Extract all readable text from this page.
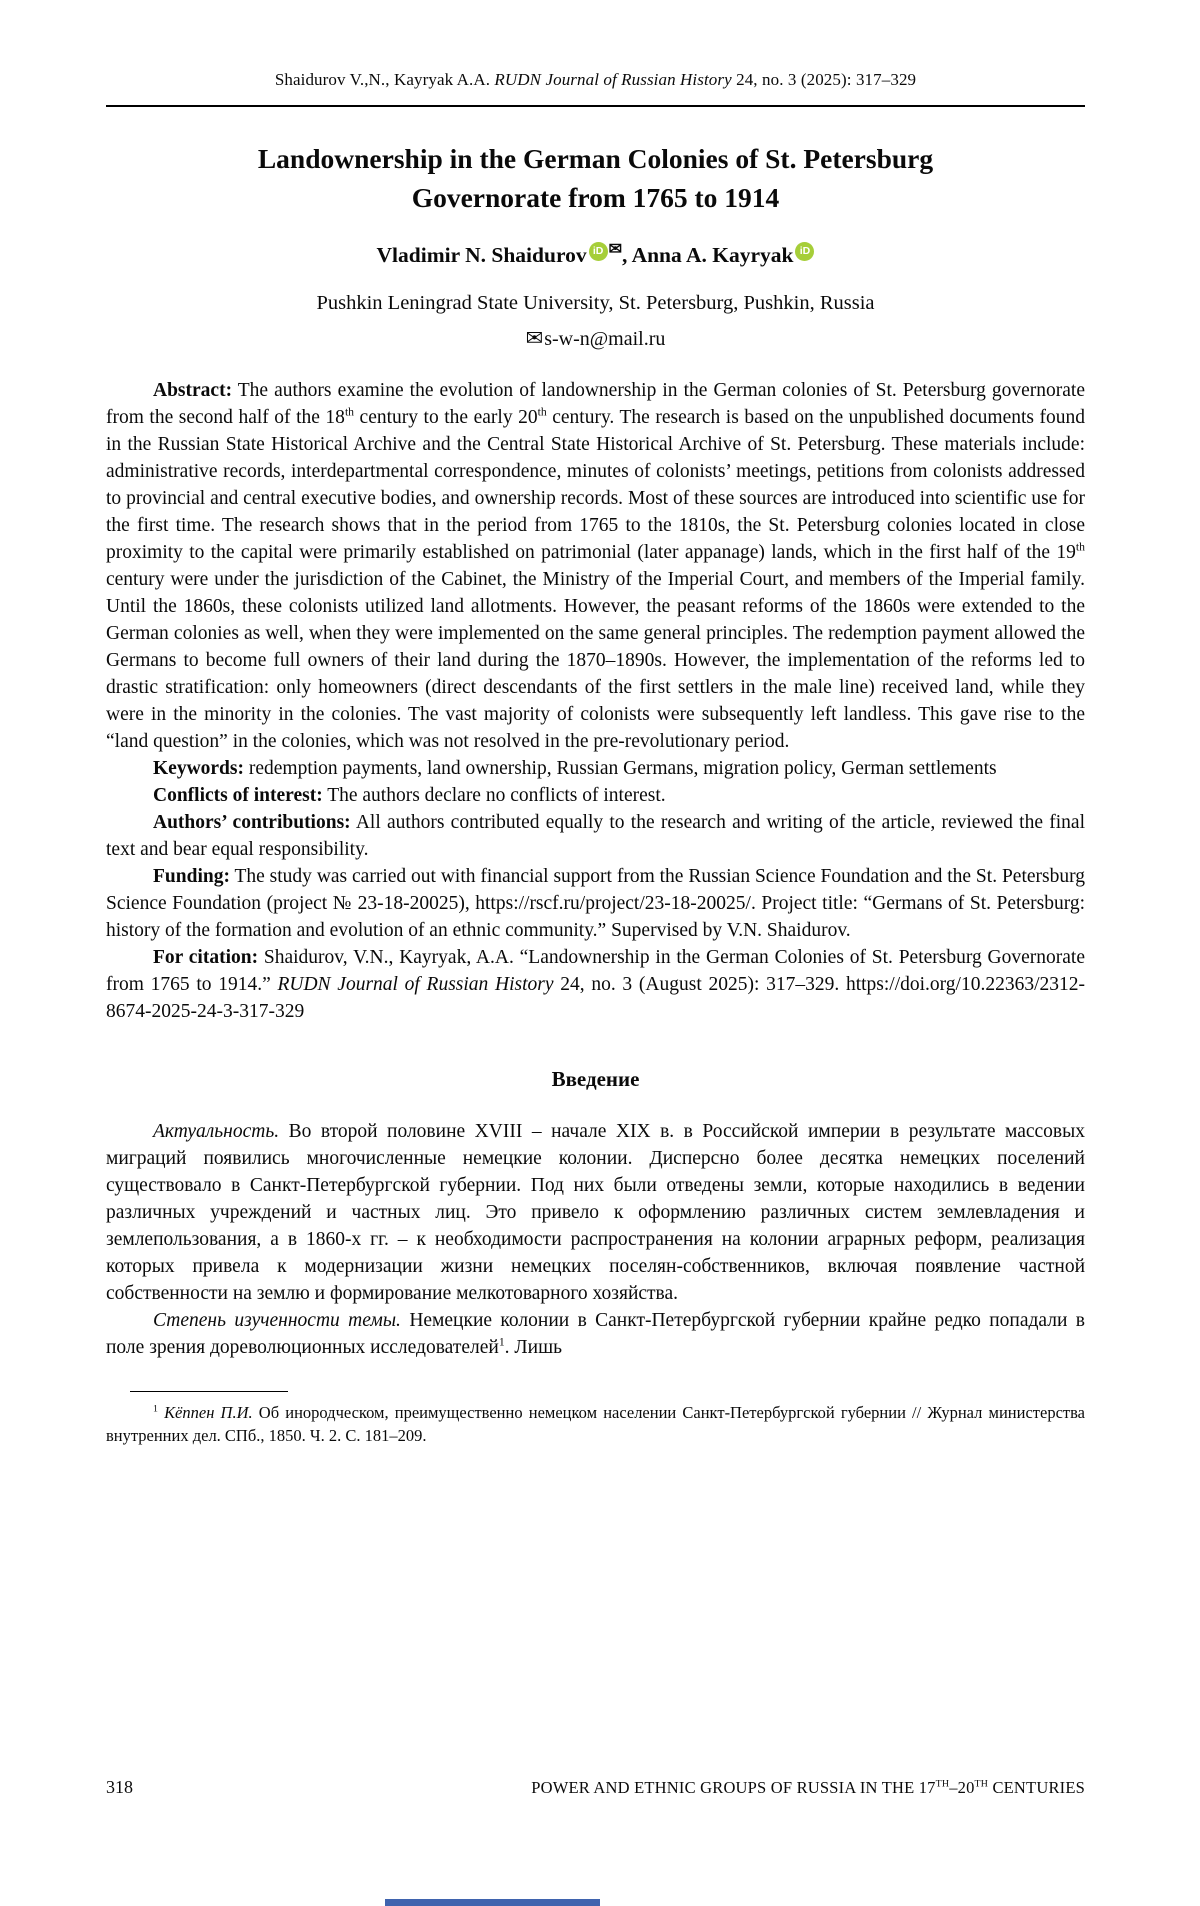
Shaidurov V.,N., Kayryak A.A. RUDN Journal of Russian History 24, no. 3 (2025): 317–329
Landownership in the German Colonies of St. Petersburg
Governorate from 1765 to 1914
Vladimir N. Shaidurov iD ✉, Anna A. Kayryak iD
Pushkin Leningrad State University, St. Petersburg, Pushkin, Russia
✉s-w-n@mail.ru

Abstract: The authors examine the evolution of landownership in the German colonies of St. Petersburg governorate from the second half of the 18th century to the early 20th century. The research is based on the unpublished documents found in the Russian State Historical Archive and the Central State Historical Archive of St. Petersburg. These materials include: administrative records, interdepartmental correspondence, minutes of colonists’ meetings, petitions from colonists addressed to provincial and central executive bodies, and ownership records. Most of these sources are introduced into scientific use for the first time. The research shows that in the period from 1765 to the 1810s, the St. Petersburg colonies located in close proximity to the capital were primarily established on patrimonial (later appanage) lands, which in the first half of the 19th century were under the jurisdiction of the Cabinet, the Ministry of the Imperial Court, and members of the Imperial family. Until the 1860s, these colonists utilized land allotments. However, the peasant reforms of the 1860s were extended to the German colonies as well, when they were implemented on the same general principles. The redemption payment allowed the Germans to become full owners of their land during the 1870–1890s. However, the implementation of the reforms led to drastic stratification: only homeowners (direct descendants of the first settlers in the male line) received land, while they were in the minority in the colonies. The vast majority of colonists were subsequently left landless. This gave rise to the “land question” in the colonies, which was not resolved in the pre-revolutionary period.

Keywords: redemption payments, land ownership, Russian Germans, migration policy, German settlements

Conflicts of interest: The authors declare no conflicts of interest.

Authors’ contributions: All authors contributed equally to the research and writing of the article, reviewed the final text and bear equal responsibility.

Funding: The study was carried out with financial support from the Russian Science Foundation and the St. Petersburg Science Foundation (project № 23-18-20025), https://rscf.ru/project/23-18-20025/. Project title: “Germans of St. Petersburg: history of the formation and evolution of an ethnic community.” Supervised by V.N. Shaidurov.

For citation: Shaidurov, V.N., Kayryak, A.A. “Landownership in the German Colonies of St. Petersburg Governorate from 1765 to 1914.” RUDN Journal of Russian History 24, no. 3 (August 2025): 317–329. https://doi.org/10.22363/2312-8674-2025-24-3-317-329

Введение

Актуальность. Во второй половине XVIII – начале XIX в. в Российской империи в результате массовых миграций появились многочисленные немецкие колонии. Дисперсно более десятка немецких поселений существовало в Санкт-Петербургской губернии. Под них были отведены земли, которые находились в ведении различных учреждений и частных лиц. Это привело к оформлению различных систем землевладения и землепользования, а в 1860-х гг. – к необходимости распространения на колонии аграрных реформ, реализация которых привела к модернизации жизни немецких поселян-собственников, включая появление частной собственности на землю и формирование мелкотоварного хозяйства.

Степень изученности темы. Немецкие колонии в Санкт-Петербургской губернии крайне редко попадали в поле зрения дореволюционных исследователей$^1$. Лишь

$^1$ Кёппен П.И. Об инородческом, преимущественно немецком населении Санкт-Петербургской губернии // Журнал министерства внутренних дел. СПб., 1850. Ч. 2. С. 181–209.

318	POWER AND ETHNIC GROUPS OF RUSSIA IN THE 17TH–20TH CENTURIES
